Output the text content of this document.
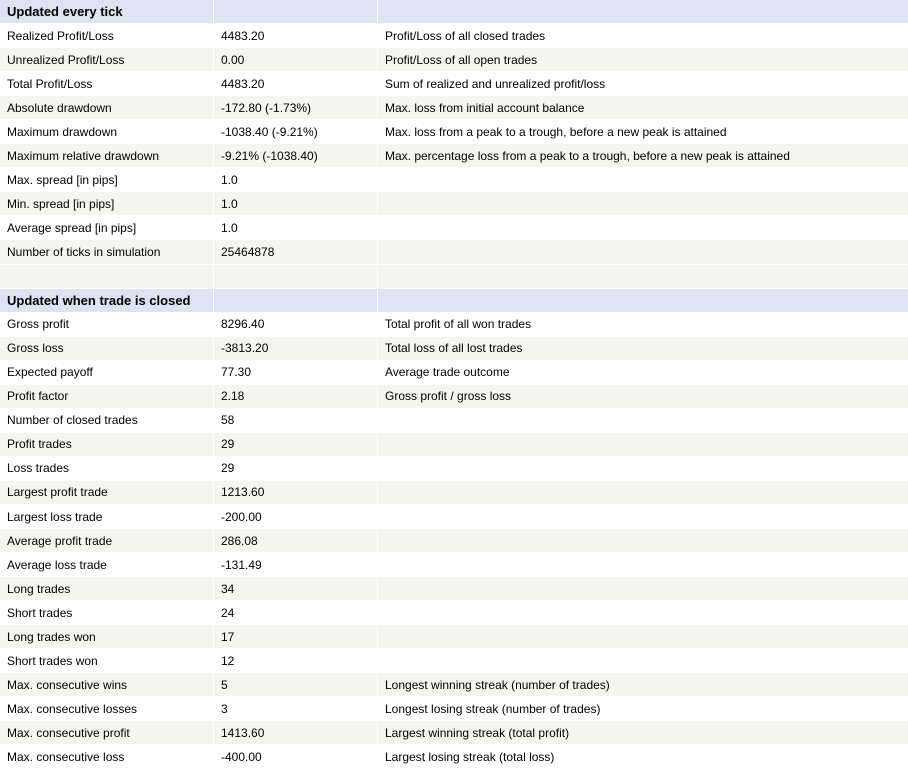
Updated every tick
Realized Profit/Loss	4483.20	Profit/Loss of all closed trades
Unrealized Profit/Loss	0.00	Profit/Loss of all open trades
Total Profit/Loss	4483.20	Sum of realized and unrealized profit/loss
Absolute drawdown	-172.80 (-1.73%)	Max. loss from initial account balance
Maximum drawdown	-1038.40 (-9.21%)	Max. loss from a peak to a trough, before a new peak is attained
Maximum relative drawdown	-9.21% (-1038.40)	Max. percentage loss from a peak to a trough, before a new peak is attained
Max. spread [in pips]	1.0
Min. spread [in pips]	1.0
Average spread [in pips]	1.0
Number of ticks in simulation	25464878
Updated when trade is closed
Gross profit	8296.40	Total profit of all won trades
Gross loss	-3813.20	Total loss of all lost trades
Expected payoff	77.30	Average trade outcome
Profit factor	2.18	Gross profit / gross loss
Number of closed trades	58
Profit trades	29
Loss trades	29
Largest profit trade	1213.60
Largest loss trade	-200.00
Average profit trade	286.08
Average loss trade	-131.49
Long trades	34
Short trades	24
Long trades won	17
Short trades won	12
Max. consecutive wins	5	Longest winning streak (number of trades)
Max. consecutive losses	3	Longest losing streak (number of trades)
Max. consecutive profit	1413.60	Largest winning streak (total profit)
Max. consecutive loss	-400.00	Largest losing streak (total loss)
